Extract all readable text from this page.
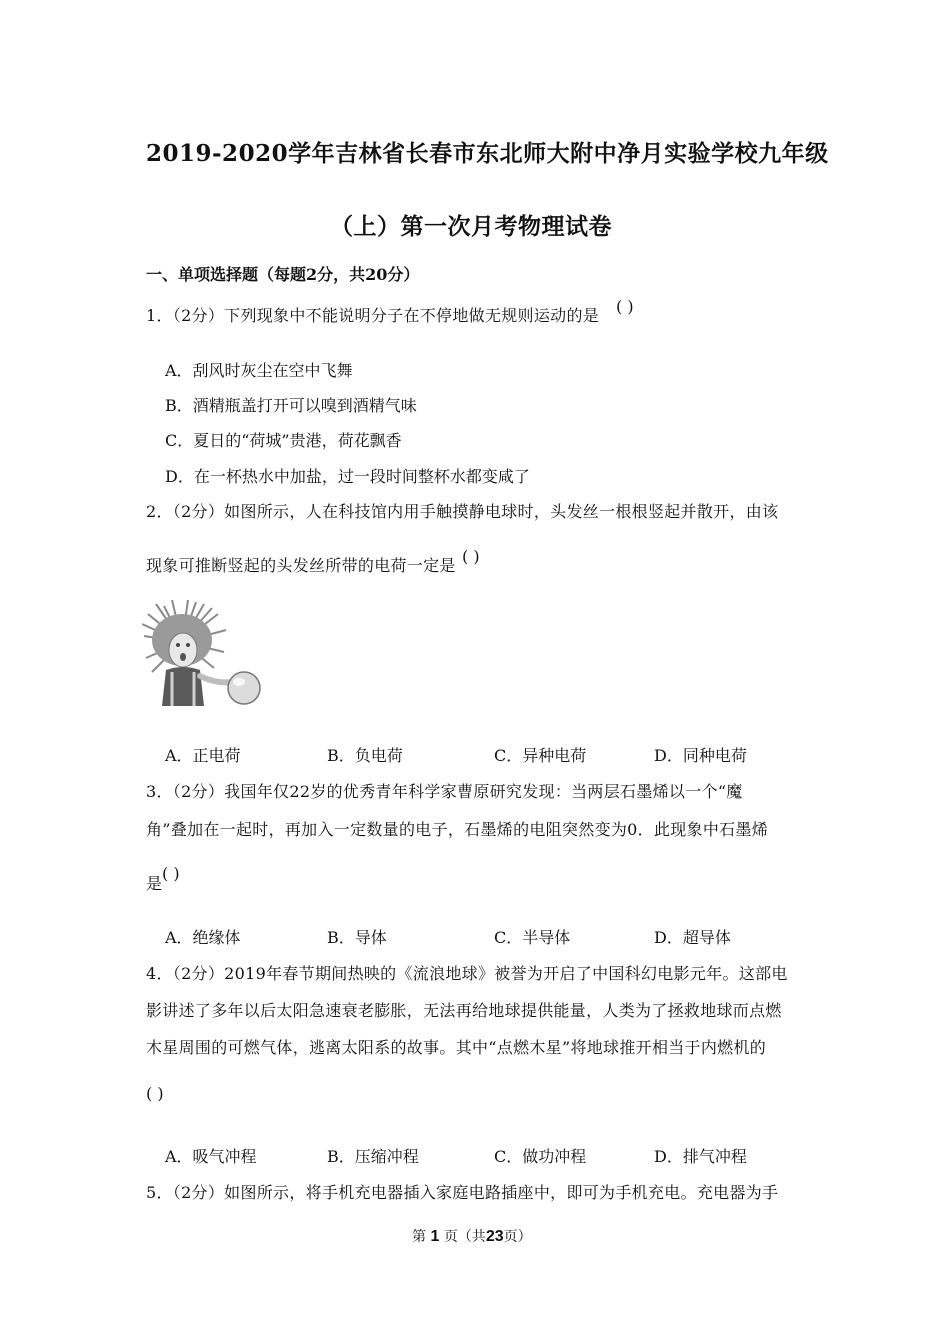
2019-2020学年吉林省长春市东北师大附中净月实验学校九年级
（上）第一次月考物理试卷
一、单项选择题（每题2分，共20分）
1．（2分）下列现象中不能说明分子在不停地做无规则运动的是 ( )
A．刮风时灰尘在空中飞舞
B．酒精瓶盖打开可以嗅到酒精气味
C．夏日的“荷城”贵港，荷花飘香
D．在一杯热水中加盐，过一段时间整杯水都变咸了
2．（2分）如图所示，人在科技馆内用手触摸静电球时，头发丝一根根竖起并散开，由该
现象可推断竖起的头发丝所带的电荷一定是 ( )
A．正电荷	B．负电荷	C．异种电荷	D．同种电荷
3．（2分）我国年仅22岁的优秀青年科学家曹原研究发现：当两层石墨烯以一个“魔
角”叠加在一起时，再加入一定数量的电子，石墨烯的电阻突然变为0．此现象中石墨烯
是
( )
A．绝缘体	B．导体	C．半导体	D．超导体
4．（2分）2019年春节期间热映的《流浪地球》被誉为开启了中国科幻电影元年。这部电
影讲述了多年以后太阳急速衰老膨胀，无法再给地球提供能量，人类为了拯救地球而点燃
木星周围的可燃气体，逃离太阳系的故事。其中“点燃木星”将地球推开相当于内燃机的
( )
A．吸气冲程	B．压缩冲程	C．做功冲程	D．排气冲程
5．（2分）如图所示，将手机充电器插入家庭电路插座中，即可为手机充电。充电器为手
第 1 页（共23页）
